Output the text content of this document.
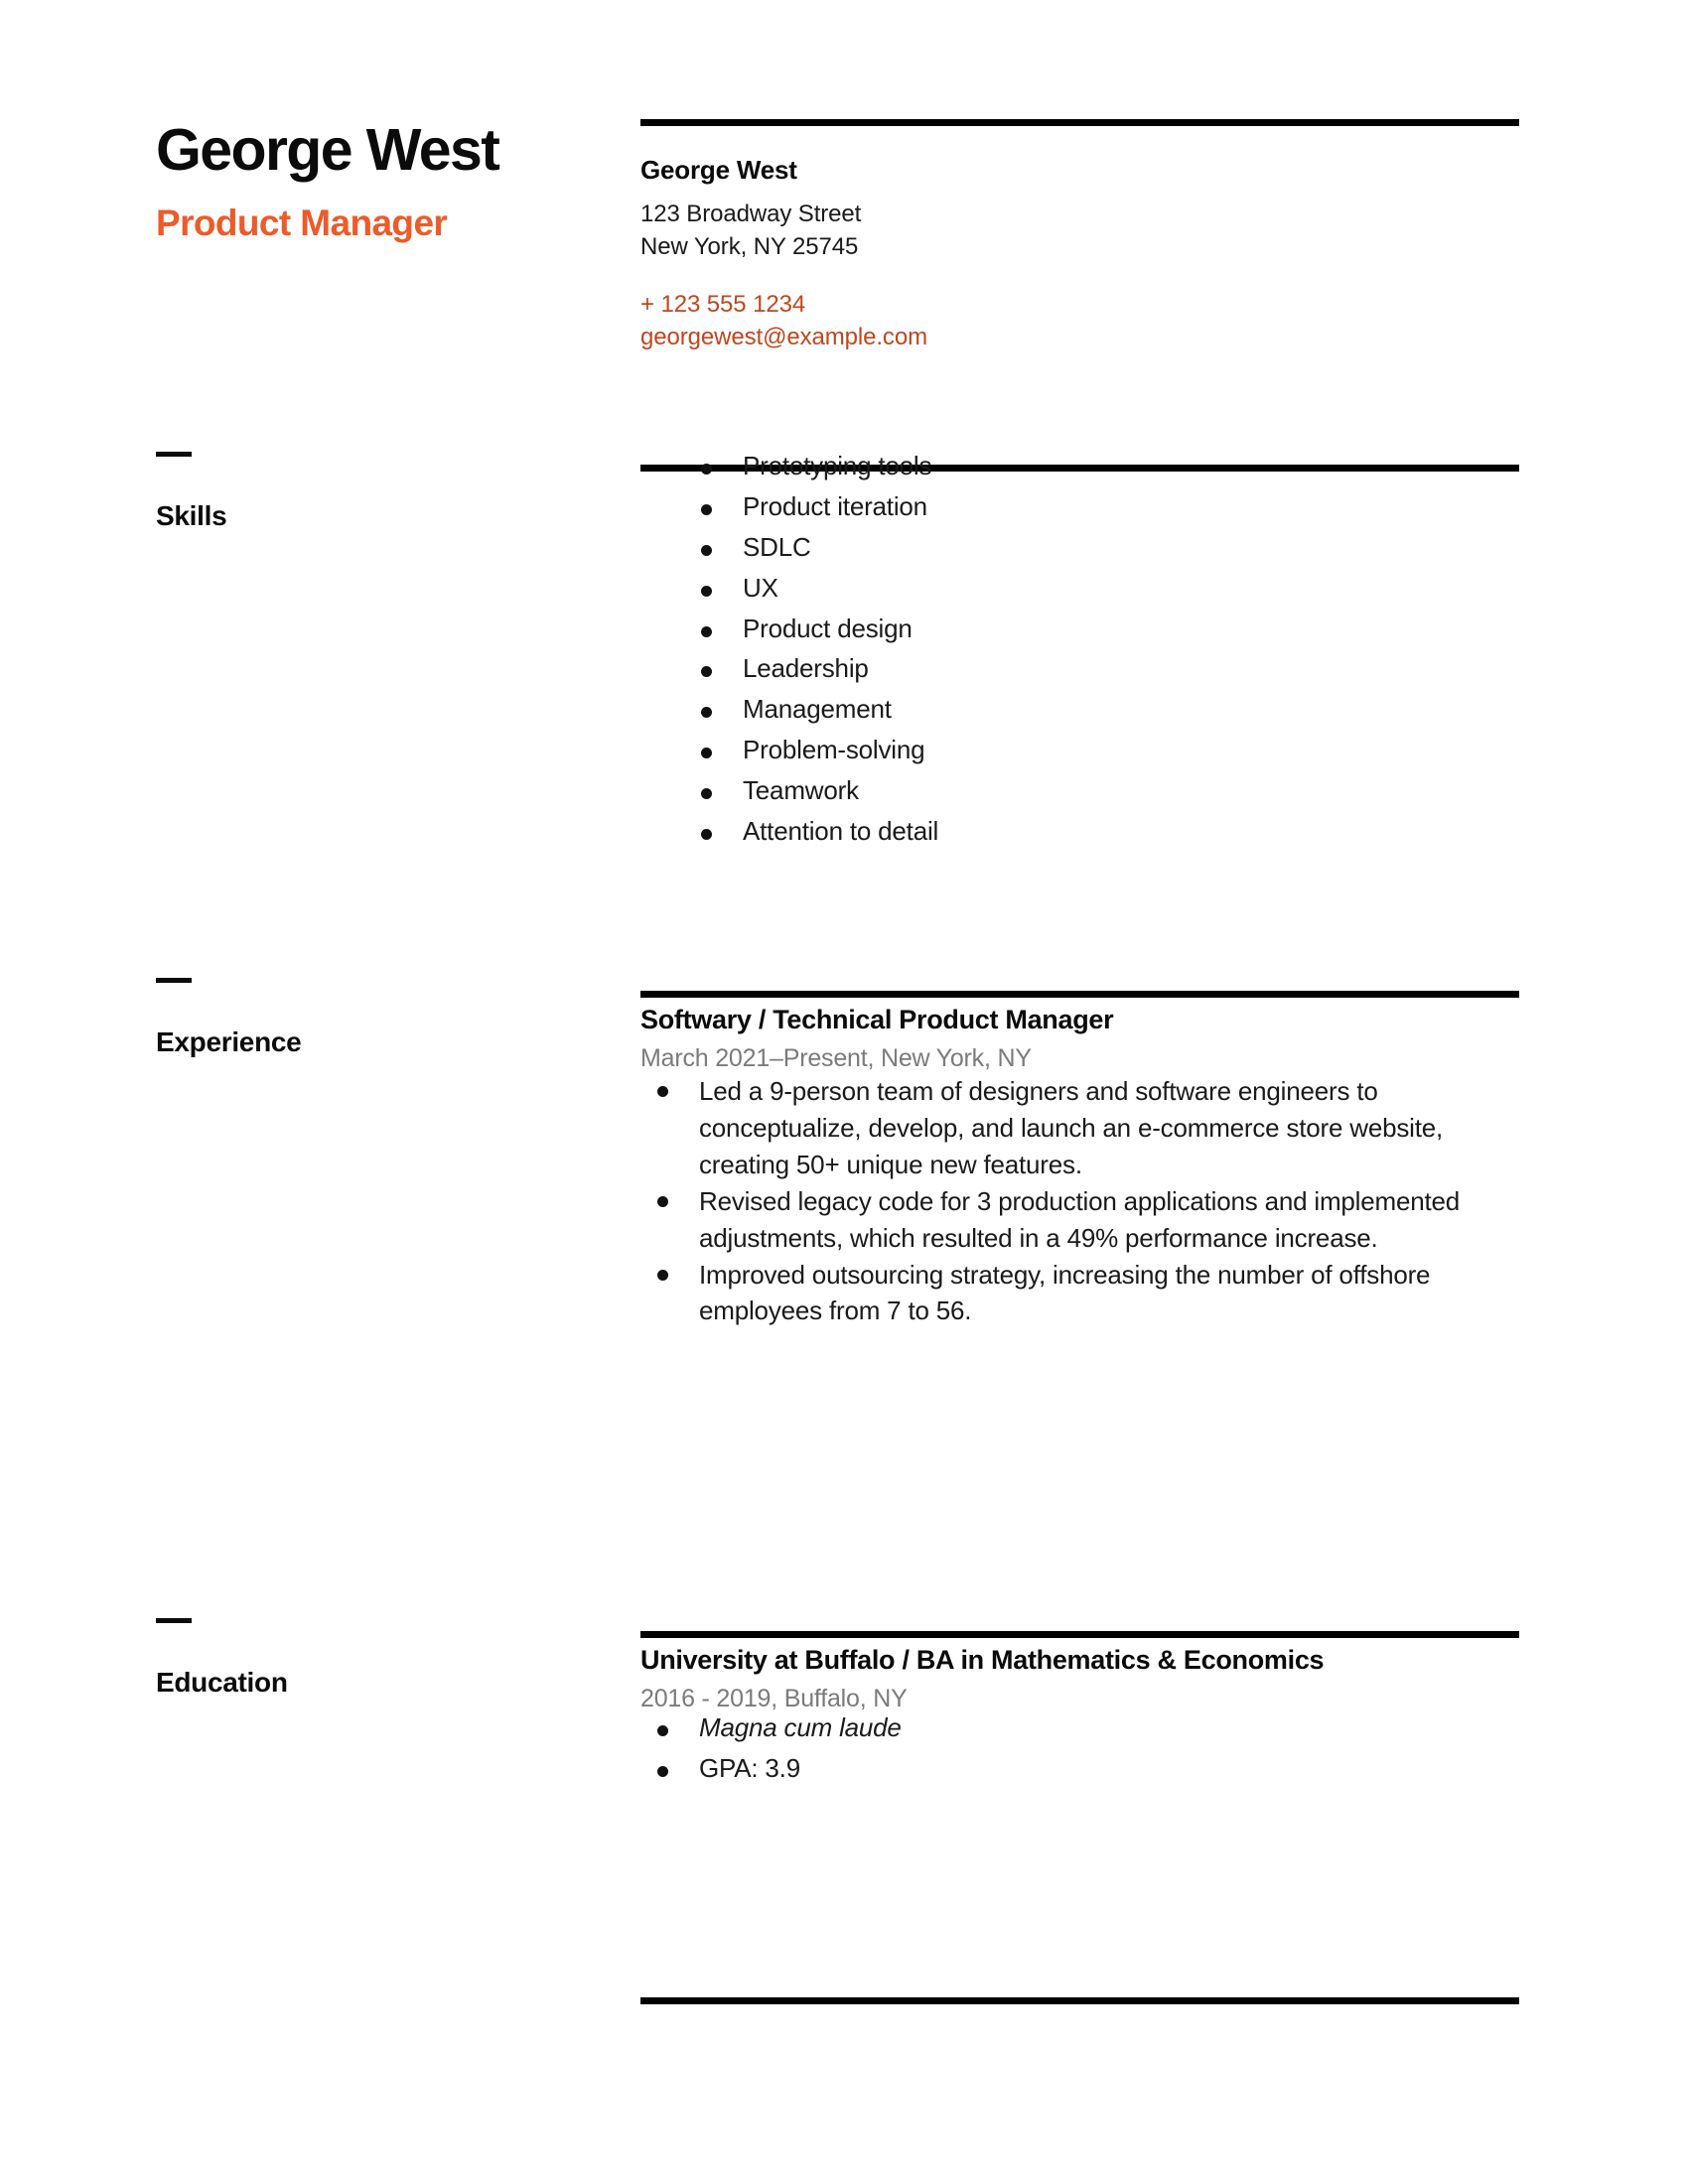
George West
Product Manager
George West
123 Broadway Street
New York, NY 25745
+ 123 555 1234
georgewest@example.com
Skills
Prototyping tools
Product iteration
SDLC
UX
Product design
Leadership
Management
Problem-solving
Teamwork
Attention to detail
Experience
Softwary / Technical Product Manager
March 2021–Present, New York, NY
Led a 9-person team of designers and software engineers to conceptualize, develop, and launch an e-commerce store website, creating 50+ unique new features.
Revised legacy code for 3 production applications and implemented adjustments, which resulted in a 49% performance increase.
Improved outsourcing strategy, increasing the number of offshore employees from 7 to 56.
Education
University at Buffalo / BA in Mathematics & Economics
2016 - 2019, Buffalo, NY
Magna cum laude
GPA: 3.9
